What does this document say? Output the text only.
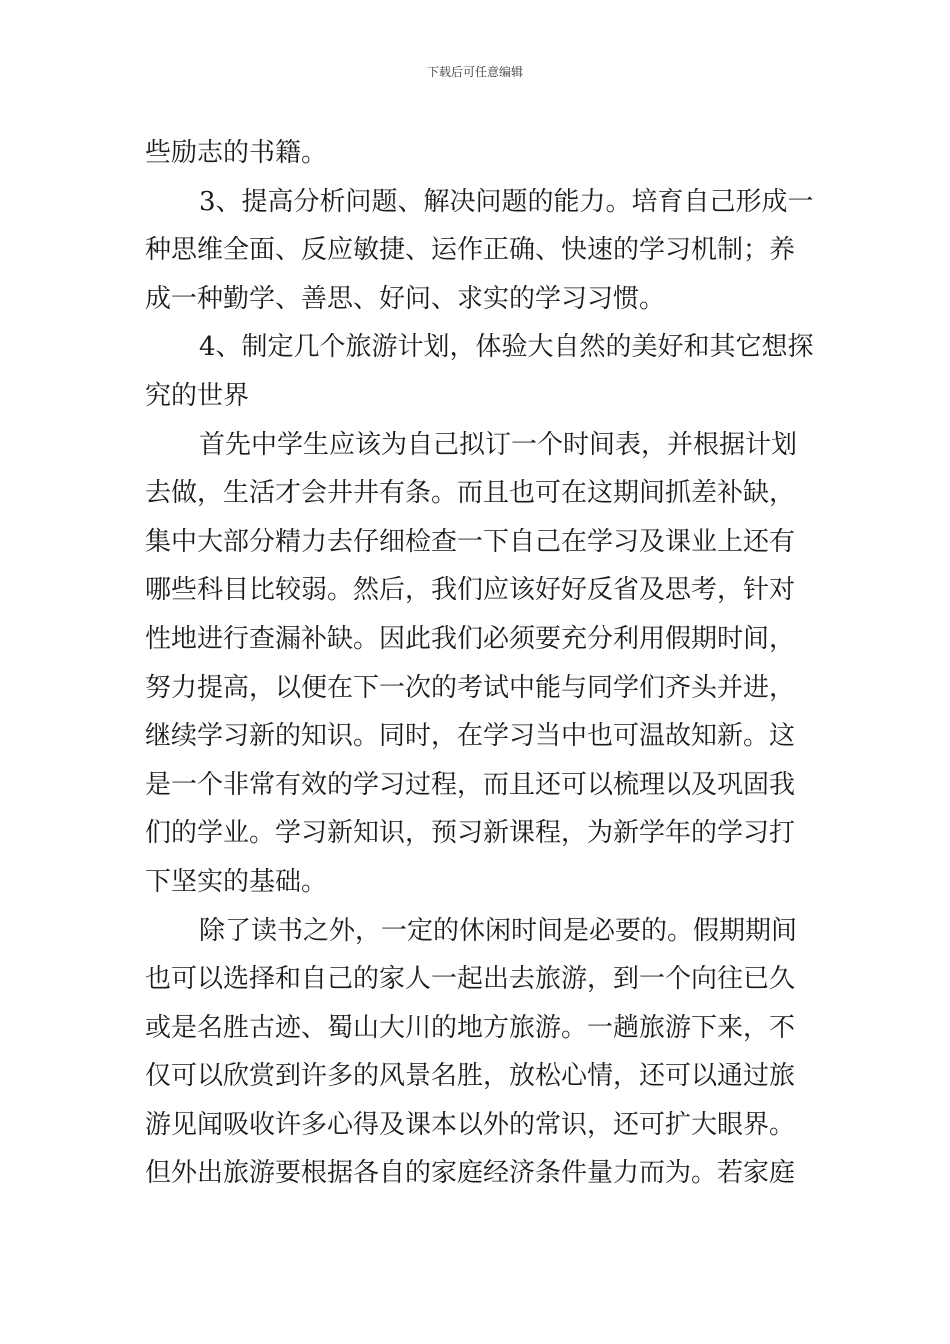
下载后可任意编辑
些励志的书籍。
3、提高分析问题、解决问题的能力。培育自己形成一
种思维全面、反应敏捷、运作正确、快速的学习机制；养
成一种勤学、善思、好问、求实的学习习惯。
4、制定几个旅游计划，体验大自然的美好和其它想探
究的世界
首先中学生应该为自己拟订一个时间表，并根据计划
去做，生活才会井井有条。而且也可在这期间抓差补缺，
集中大部分精力去仔细检查一下自己在学习及课业上还有
哪些科目比较弱。然后，我们应该好好反省及思考，针对
性地进行查漏补缺。因此我们必须要充分利用假期时间，
努力提高，以便在下一次的考试中能与同学们齐头并进，
继续学习新的知识。同时，在学习当中也可温故知新。这
是一个非常有效的学习过程，而且还可以梳理以及巩固我
们的学业。学习新知识，预习新课程，为新学年的学习打
下坚实的基础。
除了读书之外，一定的休闲时间是必要的。假期期间
也可以选择和自己的家人一起出去旅游，到一个向往已久
或是名胜古迹、蜀山大川的地方旅游。一趟旅游下来，不
仅可以欣赏到许多的风景名胜，放松心情，还可以通过旅
游见闻吸收许多心得及课本以外的常识，还可扩大眼界。
但外出旅游要根据各自的家庭经济条件量力而为。若家庭
